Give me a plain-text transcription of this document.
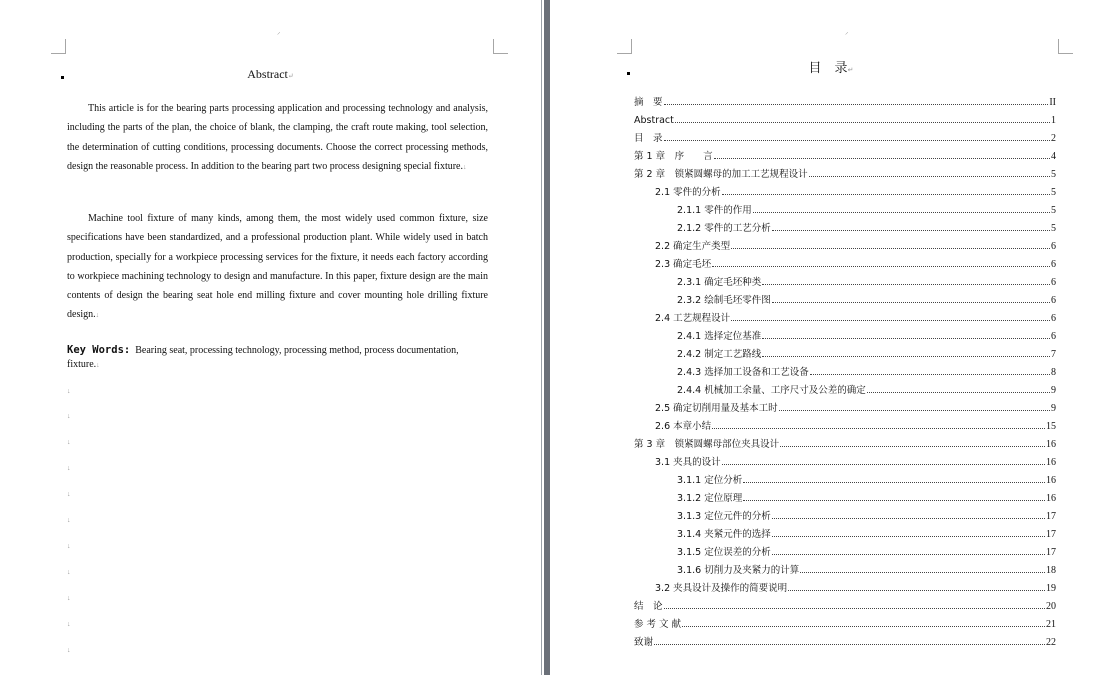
⸍
Abstract↵
This article is for the bearing parts processing application and processing technology and analysis, including the parts of the plan, the choice of blank, the clamping, the craft route making, tool selection, the determination of cutting conditions, processing documents. Choose the correct processing methods, design the reasonable process. In addition to the bearing part two process designing special fixture.↓
Machine tool fixture of many kinds, among them, the most widely used common fixture, size specifications have been standardized, and a professional production plant. While widely used in batch production, specially for a workpiece processing services for the fixture, it needs each factory according to workpiece machining technology to design and manufacture. In this paper, fixture design are the main contents of design the bearing seat hole end milling fixture and cover mounting hole drilling fixture design.↓
Key Words: Bearing seat, processing technology, processing method, process documentation, fixture.↓
↓
↓
↓
↓
↓
↓
↓
↓
↓
↓
↓
⸍
目　录↵
摘　要	II
Abstract	1
目　录	2
第 1 章　序　　言	4
第 2 章　锁紧圆螺母的加工工艺规程设计	5
2.1 零件的分析	5
2.1.1 零件的作用	5
2.1.2 零件的工艺分析	5
2.2 确定生产类型	6
2.3 确定毛坯	6
2.3.1 确定毛坯种类	6
2.3.2 绘制毛坯零件图	6
2.4 工艺规程设计	6
2.4.1 选择定位基准	6
2.4.2 制定工艺路线	7
2.4.3 选择加工设备和工艺设备	8
2.4.4 机械加工余量、工序尺寸及公差的确定	9
2.5 确定切削用量及基本工时	9
2.6 本章小结	15
第 3 章　锁紧圆螺母部位夹具设计	16
3.1 夹具的设计	16
3.1.1 定位分析	16
3.1.2 定位原理	16
3.1.3 定位元件的分析	17
3.1.4 夹紧元件的选择	17
3.1.5 定位误差的分析	17
3.1.6 切削力及夹紧力的计算	18
3.2 夹具设计及操作的简要说明	19
结　论	20
参 考 文 献	21
致谢	22
